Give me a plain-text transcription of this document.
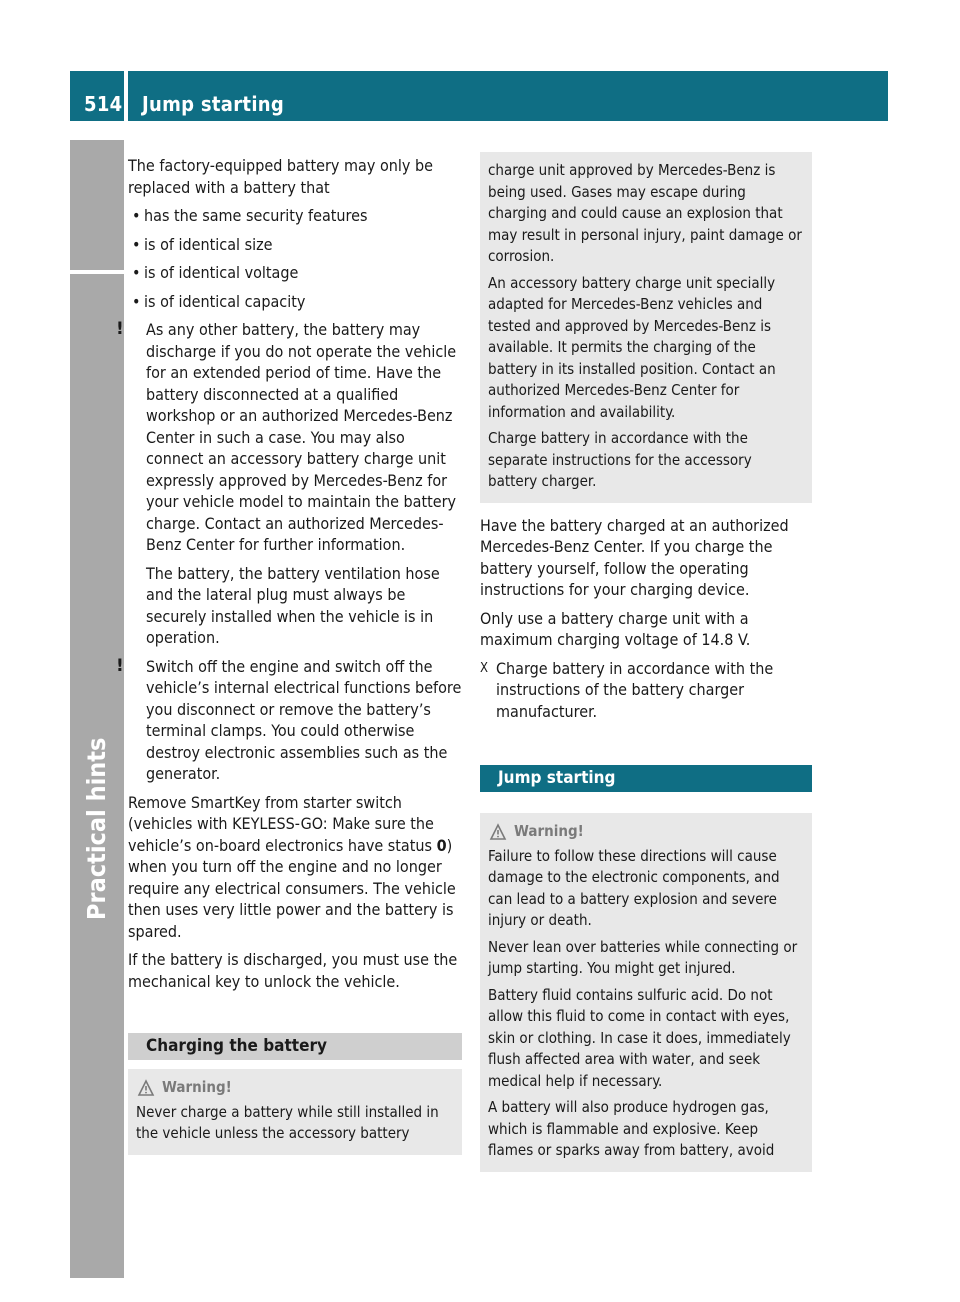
514 Jump starting
Practical hints

The factory-equipped battery may only be replaced with a battery that

• has the same security features
• is of identical size
• is of identical voltage
• is of identical capacity
! As any other battery, the battery may discharge if you do not operate the vehicle for an extended period of time. Have the battery disconnected at a qualified workshop or an authorized Mercedes-Benz Center in such a case. You may also connect an accessory battery charge unit expressly approved by Mercedes-Benz for your vehicle model to maintain the battery charge. Contact an authorized Mercedes-Benz Center for further information.

The battery, the battery ventilation hose and the lateral plug must always be securely installed when the vehicle is in operation.

! Switch off the engine and switch off the vehicle’s internal electrical functions before you disconnect or remove the battery’s terminal clamps. You could otherwise destroy electronic assemblies such as the generator.

Remove SmartKey from starter switch (vehicles with KEYLESS-GO: Make sure the vehicle’s on-board electronics have status 0) when you turn off the engine and no longer require any electrical consumers. The vehicle then uses very little power and the battery is spared.

If the battery is discharged, you must use the mechanical key to unlock the vehicle.

Charging the battery
Warning!

Never charge a battery while still installed in the vehicle unless the accessory battery

charge unit approved by Mercedes-Benz is being used. Gases may escape during charging and could cause an explosion that may result in personal injury, paint damage or corrosion.

An accessory battery charge unit specially adapted for Mercedes-Benz vehicles and tested and approved by Mercedes-Benz is available. It permits the charging of the battery in its installed position. Contact an authorized Mercedes-Benz Center for information and availability.

Charge battery in accordance with the separate instructions for the accessory battery charger.

Have the battery charged at an authorized Mercedes-Benz Center. If you charge the battery yourself, follow the operating instructions for your charging device.

Only use a battery charge unit with a maximum charging voltage of 14.8 V.

X Charge battery in accordance with the instructions of the battery charger manufacturer.
Jump starting
Warning!

Failure to follow these directions will cause damage to the electronic components, and can lead to a battery explosion and severe injury or death.

Never lean over batteries while connecting or jump starting. You might get injured.

Battery fluid contains sulfuric acid. Do not allow this fluid to come in contact with eyes, skin or clothing. In case it does, immediately flush affected area with water, and seek medical help if necessary.

A battery will also produce hydrogen gas, which is flammable and explosive. Keep flames or sparks away from battery, avoid
